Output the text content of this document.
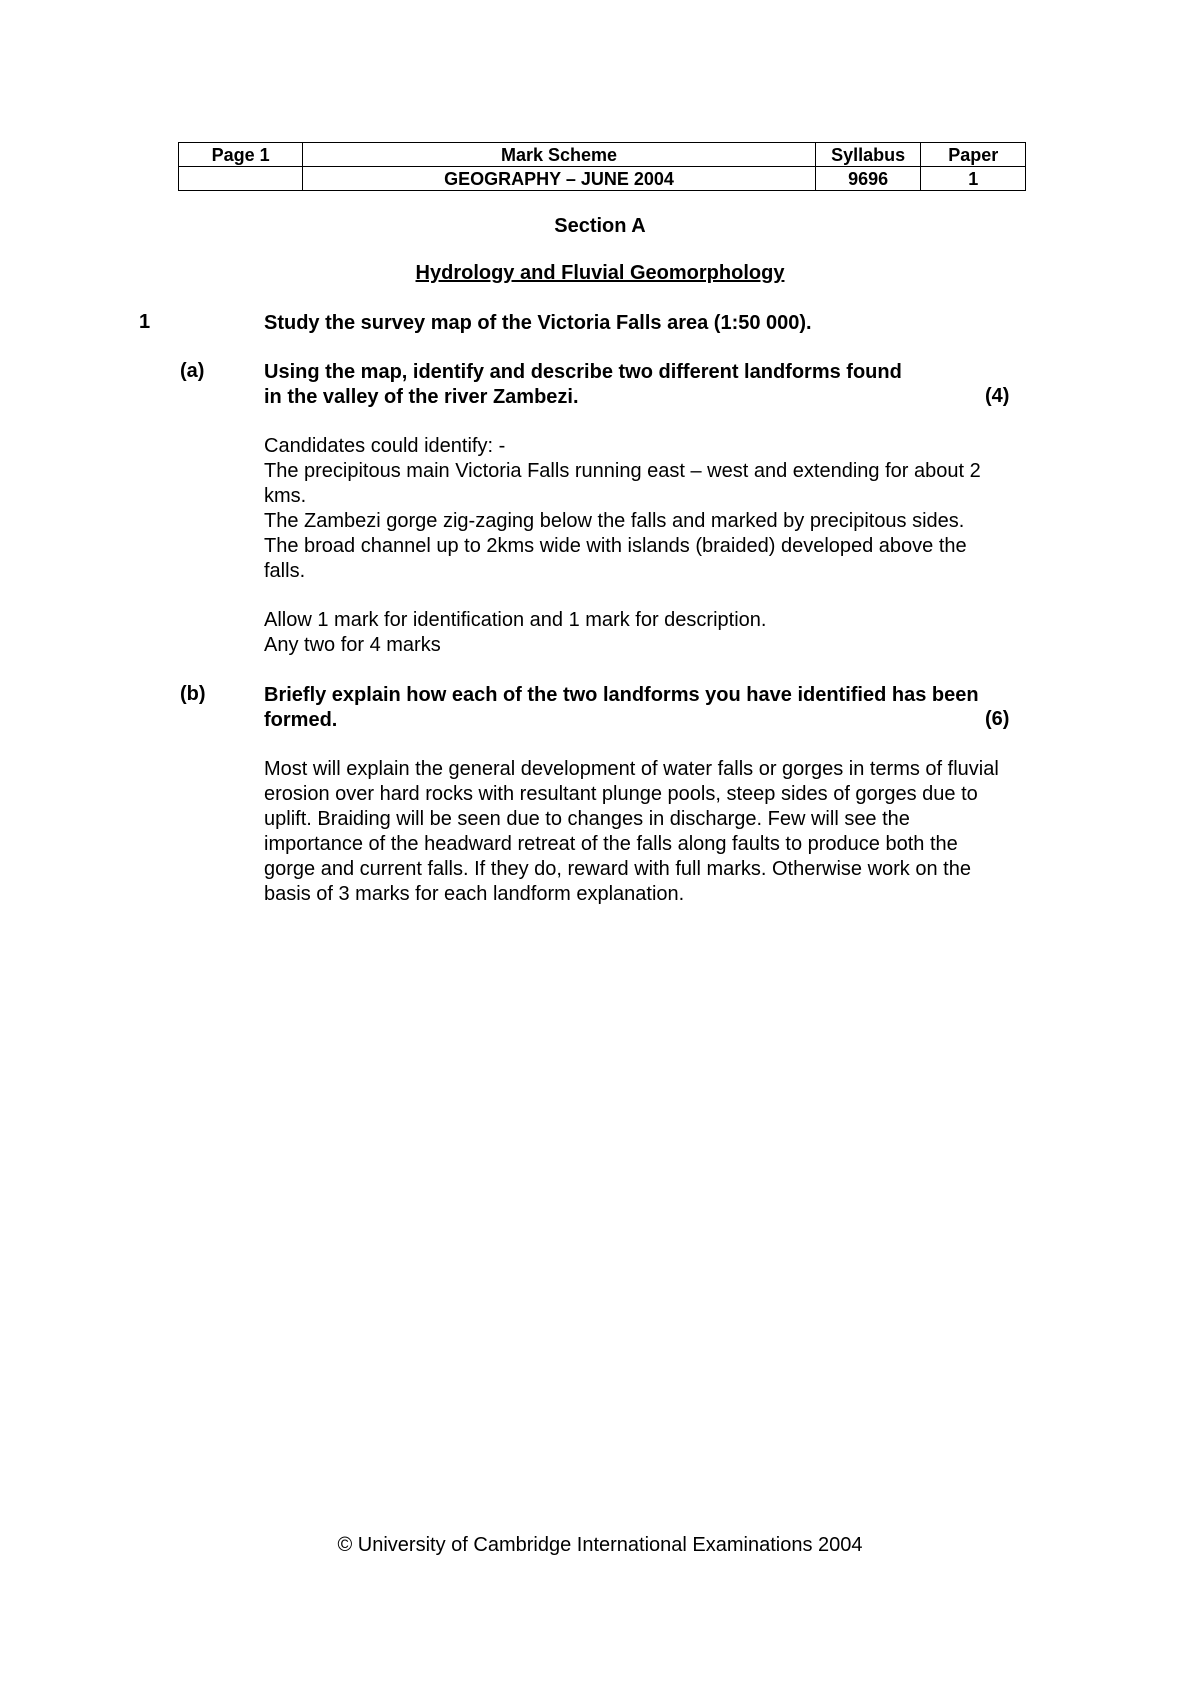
Page 1	Mark Scheme	Syllabus	Paper
	GEOGRAPHY – JUNE 2004	9696	1
Section A
Hydrology and Fluvial Geomorphology
1	Study the survey map of the Victoria Falls area (1:50 000).
(a)	Using the map, identify and describe two different landforms found
in the valley of the river Zambezi.	(4)
Candidates could identify: -
The precipitous main Victoria Falls running east – west and extending for about 2
kms.
The Zambezi gorge zig-zaging below the falls and marked by precipitous sides.
The broad channel up to 2kms wide with islands (braided) developed above the
falls.
Allow 1 mark for identification and 1 mark for description.
Any two for 4 marks
(b)	Briefly explain how each of the two landforms you have identified has been
formed.	(6)
Most will explain the general development of water falls or gorges in terms of fluvial
erosion over hard rocks with resultant plunge pools, steep sides of gorges due to
uplift. Braiding will be seen due to changes in discharge. Few will see the
importance of the headward retreat of the falls along faults to produce both the
gorge and current falls. If they do, reward with full marks. Otherwise work on the
basis of 3 marks for each landform explanation.
© University of Cambridge International Examinations 2004
